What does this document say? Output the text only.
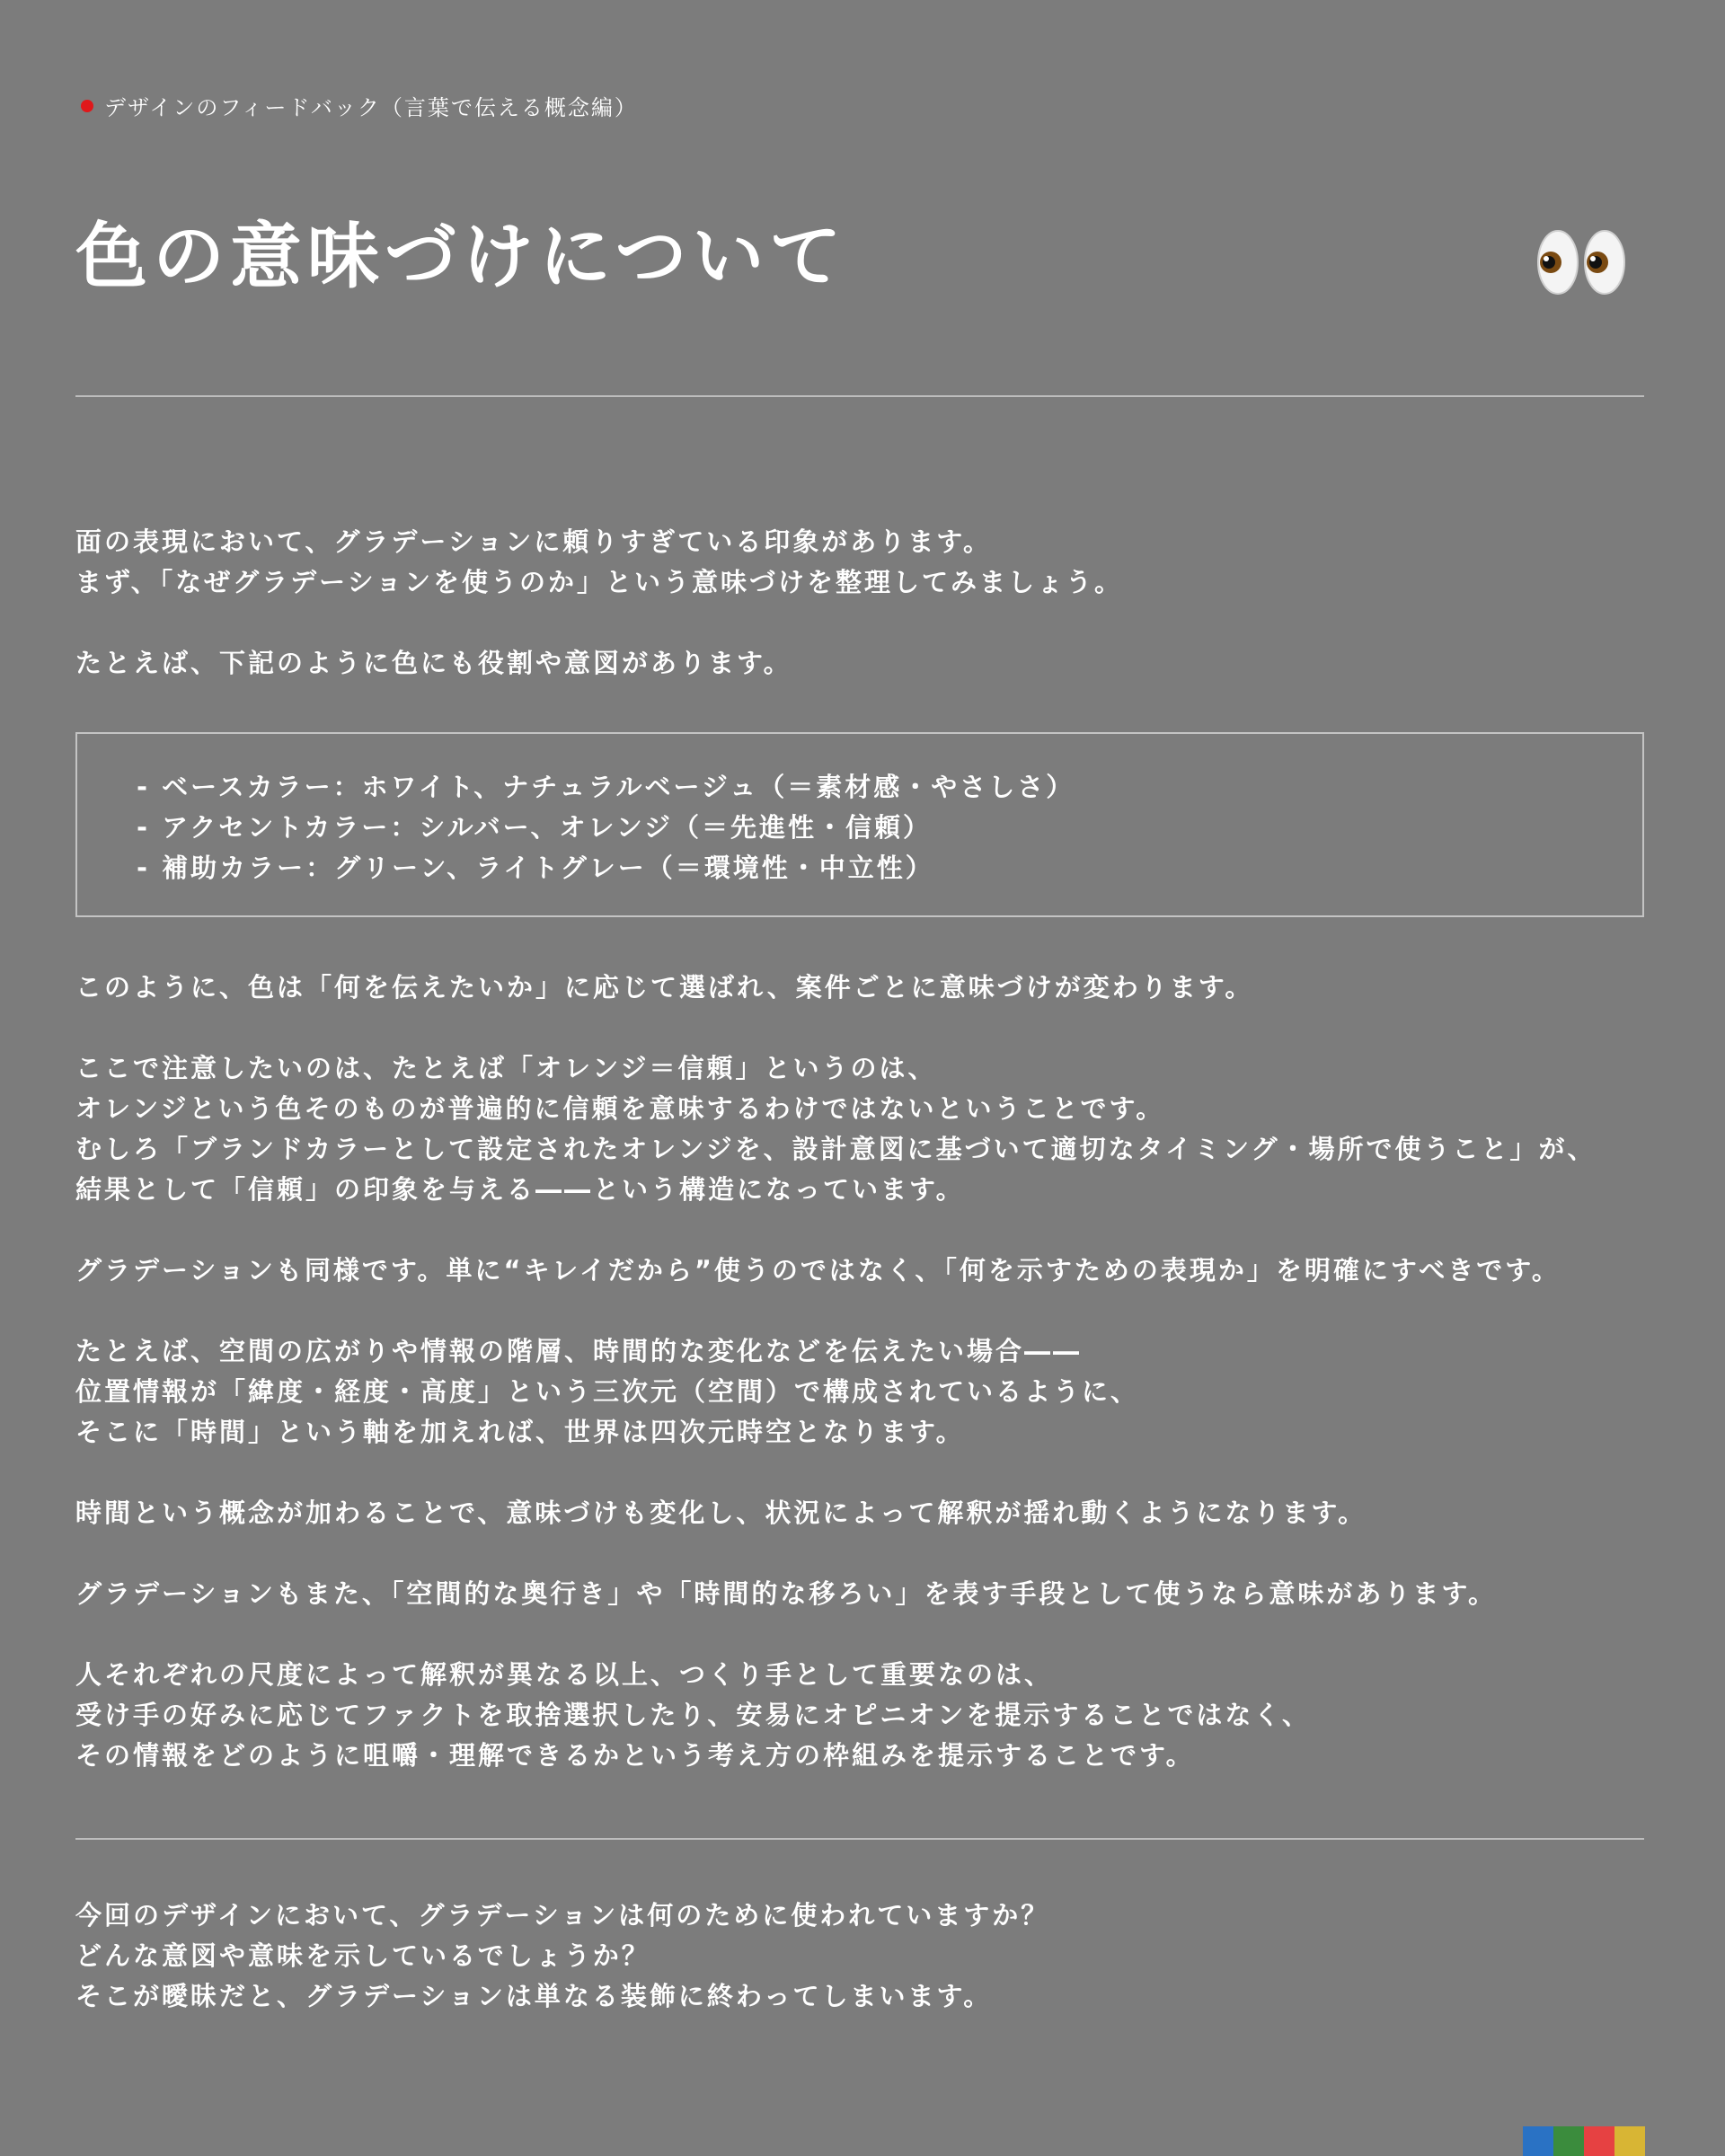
デザインのフィードバック（言葉で伝える概念編）
色の意味づけについて
面の表現において、グラデーションに頼りすぎている印象があります。
まず、「なぜグラデーションを使うのか」という意味づけを整理してみましょう。
たとえば、下記のように色にも役割や意図があります。
- ベースカラー：ホワイト、ナチュラルベージュ（＝素材感・やさしさ）
- アクセントカラー：シルバー、オレンジ（＝先進性・信頼）
- 補助カラー：グリーン、ライトグレー（＝環境性・中立性）
このように、色は「何を伝えたいか」に応じて選ばれ、案件ごとに意味づけが変わります。
ここで注意したいのは、たとえば「オレンジ＝信頼」というのは、
オレンジという色そのものが普遍的に信頼を意味するわけではないということです。
むしろ「ブランドカラーとして設定されたオレンジを、設計意図に基づいて適切なタイミング・場所で使うこと」が、
結果として「信頼」の印象を与える――という構造になっています。
グラデーションも同様です。単に“キレイだから”使うのではなく、「何を示すための表現か」を明確にすべきです。
たとえば、空間の広がりや情報の階層、時間的な変化などを伝えたい場合――
位置情報が「緯度・経度・高度」という三次元（空間）で構成されているように、
そこに「時間」という軸を加えれば、世界は四次元時空となります。
時間という概念が加わることで、意味づけも変化し、状況によって解釈が揺れ動くようになります。
グラデーションもまた、「空間的な奥行き」や「時間的な移ろい」を表す手段として使うなら意味があります。
人それぞれの尺度によって解釈が異なる以上、つくり手として重要なのは、
受け手の好みに応じてファクトを取捨選択したり、安易にオピニオンを提示することではなく、
その情報をどのように咀嚼・理解できるかという考え方の枠組みを提示することです。
今回のデザインにおいて、グラデーションは何のために使われていますか？
どんな意図や意味を示しているでしょうか？
そこが曖昧だと、グラデーションは単なる装飾に終わってしまいます。
